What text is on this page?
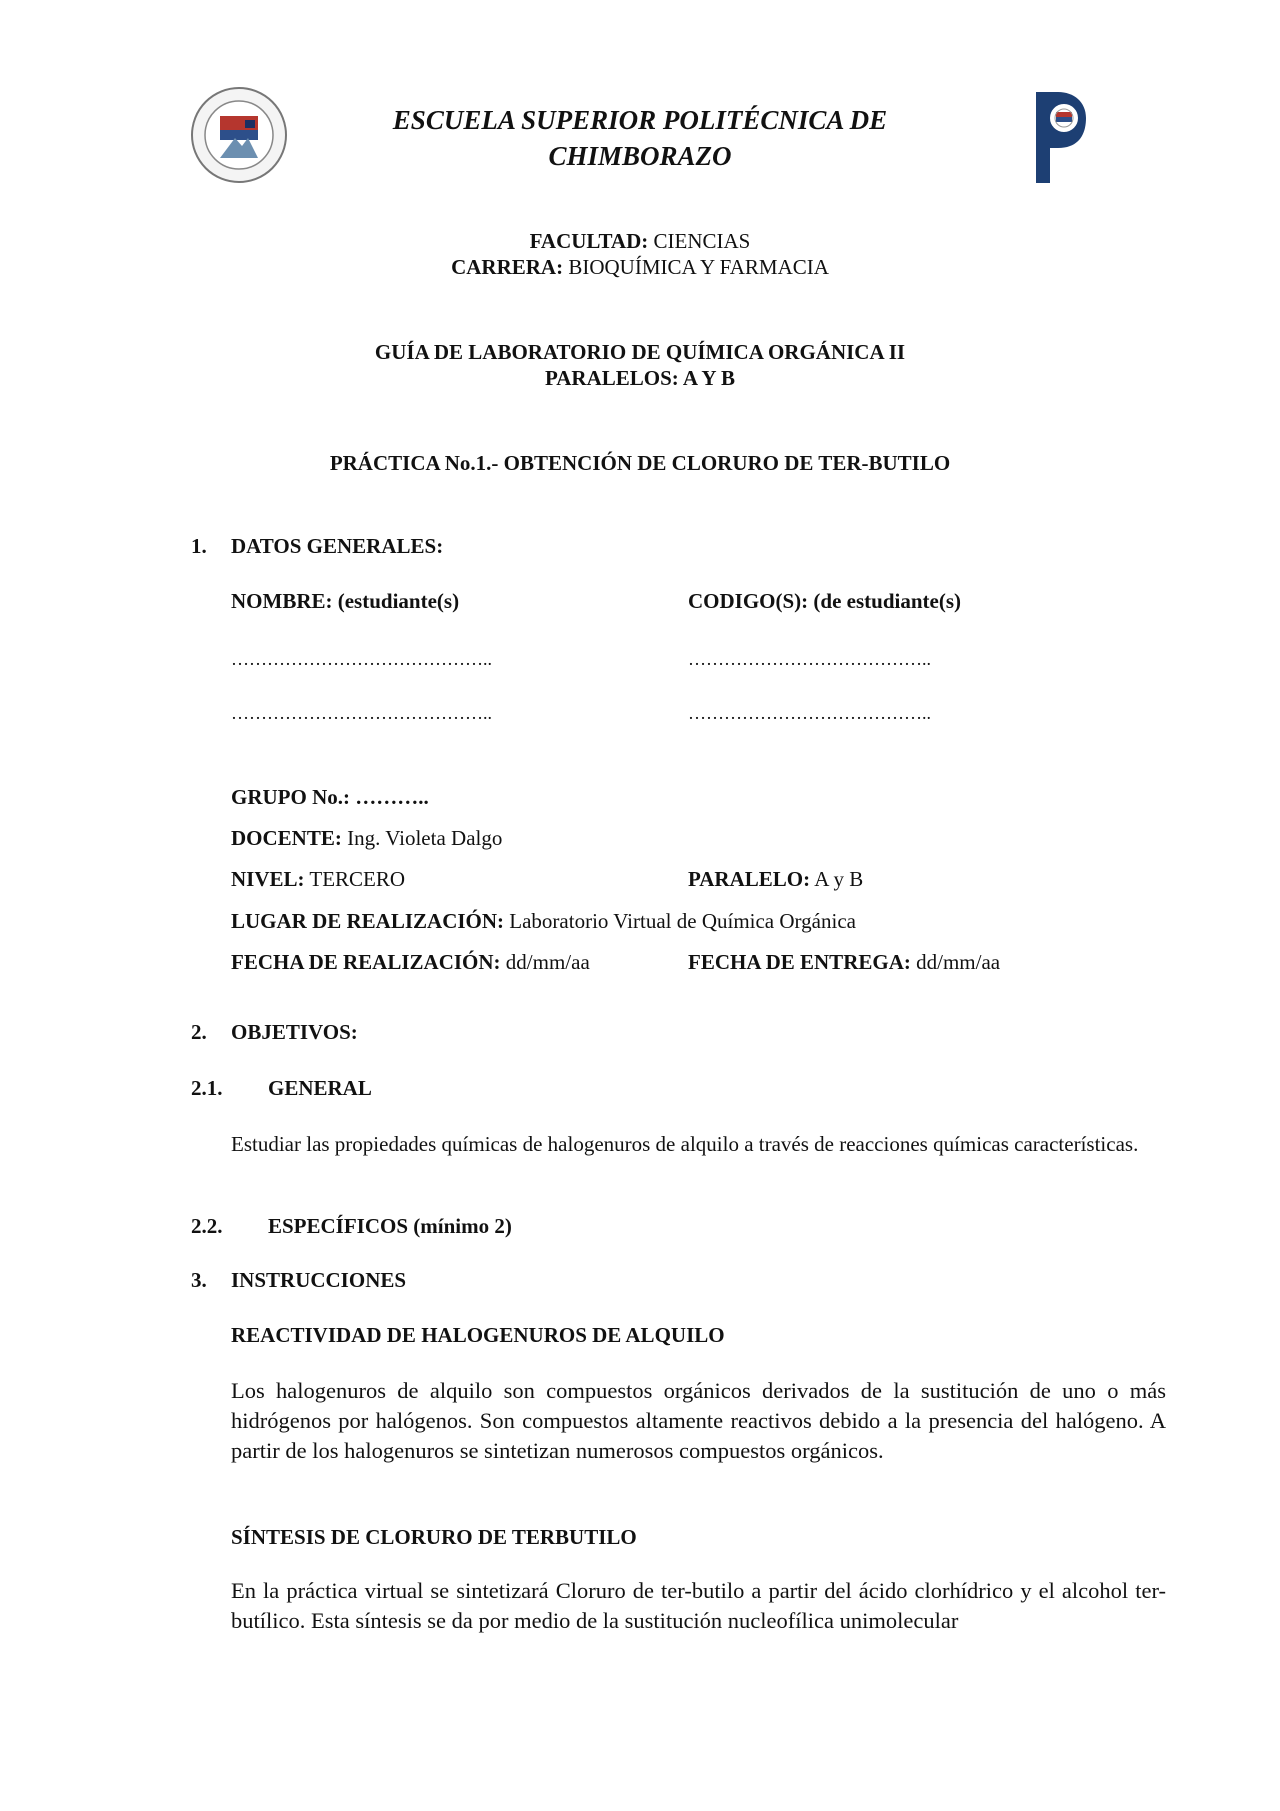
ESCUELA SUPERIOR POLITÉCNICA DE
CHIMBORAZO
FACULTAD: CIENCIAS
CARRERA: BIOQUÍMICA Y FARMACIA
GUÍA DE LABORATORIO DE QUÍMICA ORGÁNICA II
PARALELOS: A Y B
PRÁCTICA No.1.- OBTENCIÓN DE CLORURO DE TER-BUTILO
1. DATOS GENERALES:
NOMBRE: (estudiante(s)	CODIGO(S): (de estudiante(s)
……………………………………..	…………………………………..
……………………………………..	…………………………………..
GRUPO No.: ………..
DOCENTE: Ing. Violeta Dalgo
NIVEL: TERCERO	PARALELO: A y B
LUGAR DE REALIZACIÓN: Laboratorio Virtual de Química Orgánica
FECHA DE REALIZACIÓN: dd/mm/aa	FECHA DE ENTREGA: dd/mm/aa
2. OBJETIVOS:
2.1. GENERAL
Estudiar las propiedades químicas de halogenuros de alquilo a través de reacciones químicas características.
2.2. ESPECÍFICOS (mínimo 2)
3. INSTRUCCIONES
REACTIVIDAD DE HALOGENUROS DE ALQUILO
Los halogenuros de alquilo son compuestos orgánicos derivados de la sustitución de uno o más hidrógenos por halógenos. Son compuestos altamente reactivos debido a la presencia del halógeno. A partir de los halogenuros se sintetizan numerosos compuestos orgánicos.
SÍNTESIS DE CLORURO DE TERBUTILO
En la práctica virtual se sintetizará Cloruro de ter-butilo a partir del ácido clorhídrico y el alcohol ter-butílico. Esta síntesis se da por medio de la sustitución nucleofílica unimolecular
